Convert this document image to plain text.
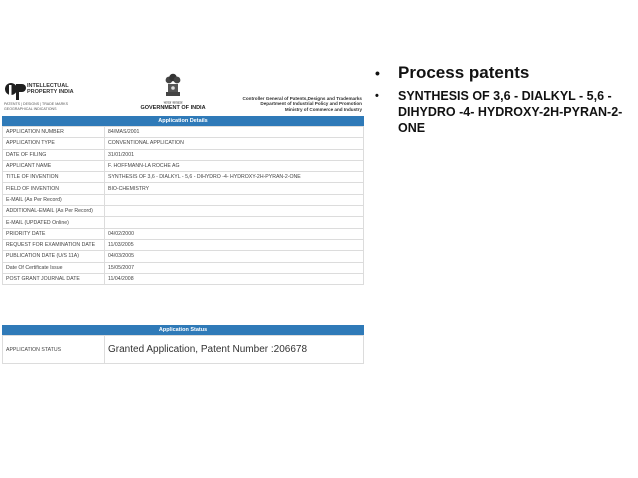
INTELLECTUAL
PROPERTY INDIA
PATENTS | DESIGNS | TRADE MARKS
GEOGRAPHICAL INDICATIONS
भारत सरकार
GOVERNMENT OF INDIA
Controller General of Patents,Designs and Trademarks
Department of Industrial Policy and Promotion
Ministry of Commerce and Industry
Application Details
APPLICATION NUMBER	84/MAS/2001
APPLICATION TYPE	CONVENTIONAL APPLICATION
DATE OF FILING	31/01/2001
APPLICANT NAME	F. HOFFMANN-LA ROCHE AG
TITLE OF INVENTION	SYNTHESIS OF 3,6 - DIALKYL - 5,6 - DIHYDRO -4- HYDROXY-2H-PYRAN-2-ONE
FIELD OF INVENTION	BIO-CHEMISTRY
E-MAIL (As Per Record)	
ADDITIONAL-EMAIL (As Per Record)	
E-MAIL (UPDATED Online)	
PRIORITY DATE	04/02/2000
REQUEST FOR EXAMINATION DATE	11/03/2005
PUBLICATION DATE (U/S 11A)	04/03/2005
Date Of Certificate Issue	15/05/2007
POST GRANT JOURNAL DATE	11/04/2008
Application Status
APPLICATION STATUS	Granted Application, Patent Number :206678
• Process patents
• SYNTHESIS OF 3,6 - DIALKYL - 5,6 - DIHYDRO -4- HYDROXY-2H-PYRAN-2-ONE
